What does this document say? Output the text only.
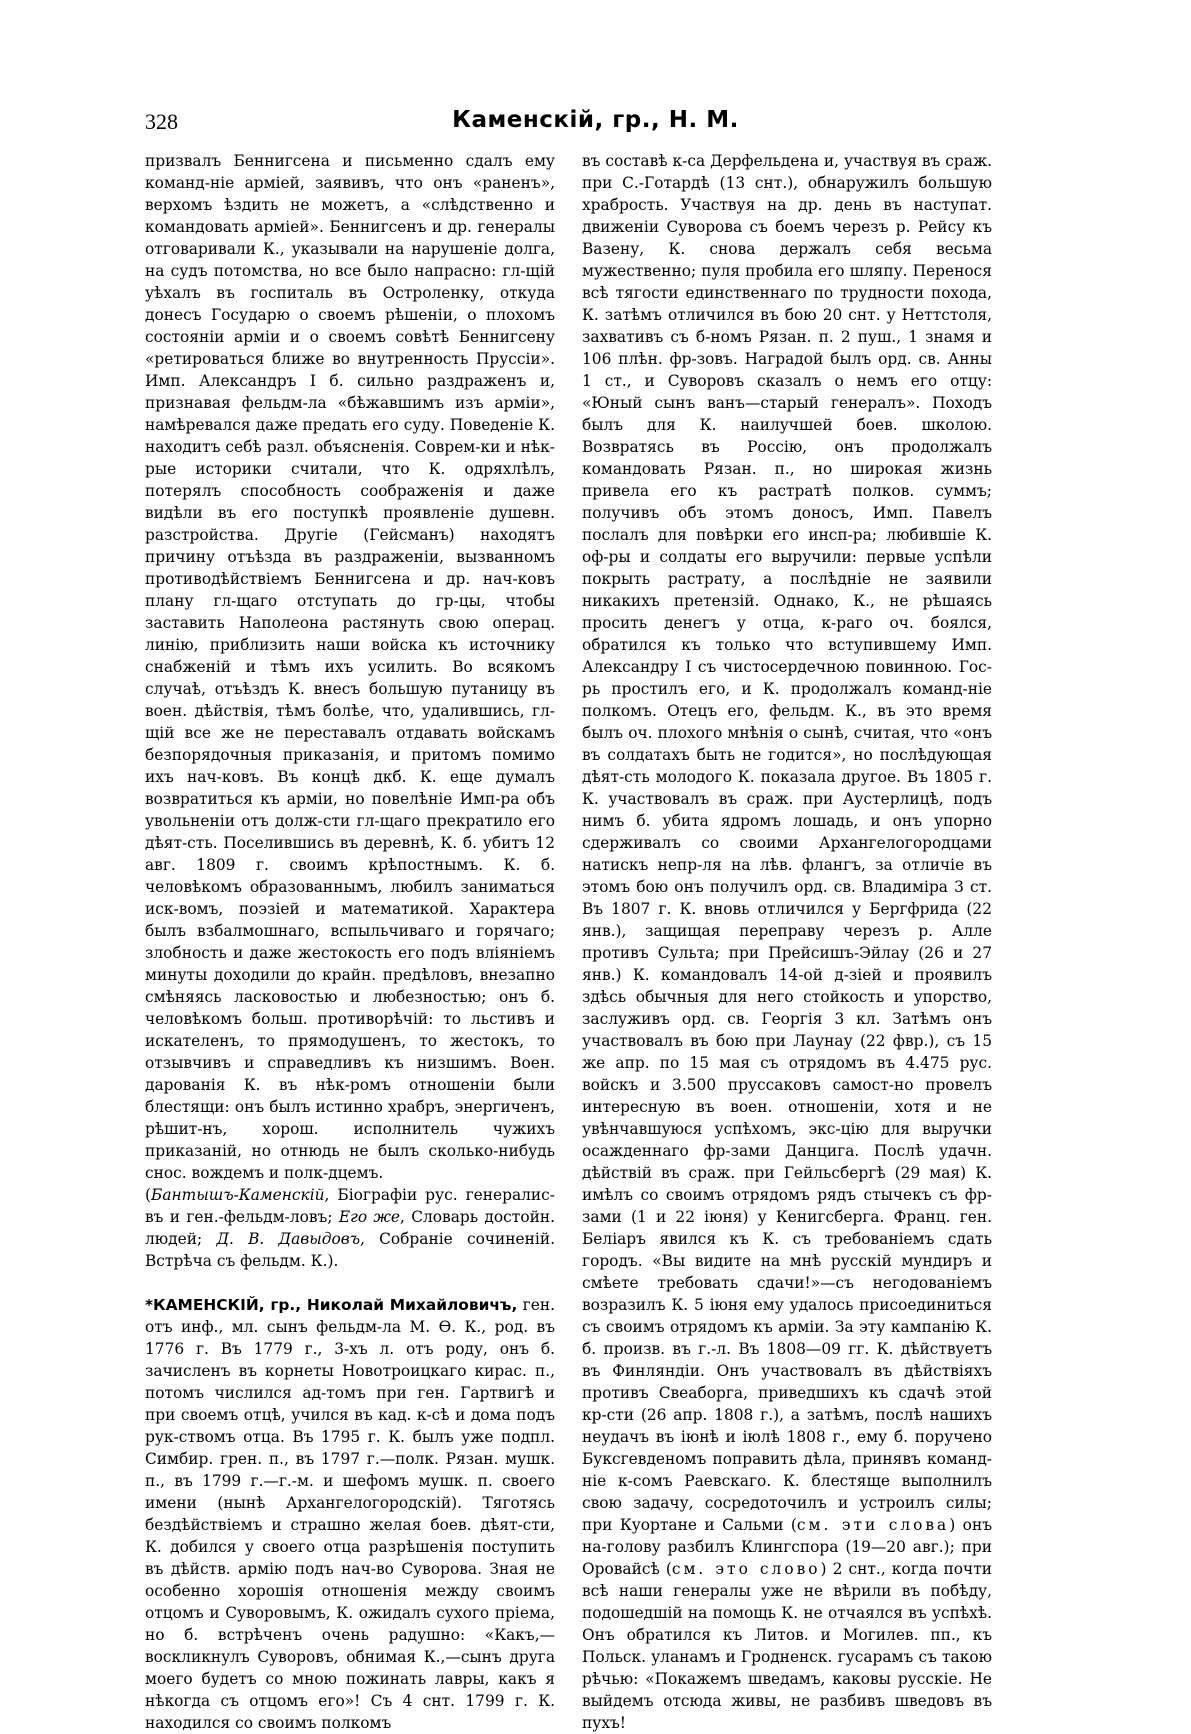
328	Каменскій, гр., Н. М.

призвалъ Беннигсена и письменно сдалъ ему команд-ніе арміей, заявивъ, что онъ «раненъ», верхомъ ѣздить не можетъ, а «слѣдственно и командовать арміей». Беннигсенъ и др. генералы отговаривали К., указывали на нарушеніе долга, на судъ потомства, но все было напрасно: гл-щій уѣхалъ въ госпиталь въ Остроленку, откуда донесъ Государю о своемъ рѣшеніи, о плохомъ состояніи арміи и о своемъ совѣтѣ Беннигсену «ретироваться ближе во внутренность Пруссіи». Имп. Александръ I б. сильно раздраженъ и, признавая фельдм-ла «бѣжавшимъ изъ арміи», намѣревался даже предать его суду. Поведеніе К. находитъ себѣ разл. объясненія. Соврем-ки и нѣк-рые историки считали, что К. одряхлѣлъ, потерялъ способность соображенія и даже видѣли въ его поступкѣ проявленіе душевн. разстройства. Другіе (Гейсманъ) находятъ причину отъѣзда въ раздраженіи, вызванномъ противодѣйствіемъ Беннигсена и др. нач-ковъ плану гл-щаго отступать до гр-цы, чтобы заставить Наполеона растянуть свою операц. линію, приблизить наши войска къ источнику снабженій и тѣмъ ихъ усилить. Во всякомъ случаѣ, отъѣздъ К. внесъ большую путаницу въ воен. дѣйствія, тѣмъ болѣе, что, удалившись, гл-щій все же не переставалъ отдавать войскамъ безпорядочныя приказанія, и притомъ помимо ихъ нач-ковъ. Въ концѣ дкб. К. еще думалъ возвратиться къ арміи, но повелѣніе Имп-ра объ увольненіи отъ долж-сти гл-щаго прекратило его дѣят-сть. Поселившись въ деревнѣ, К. б. убитъ 12 авг. 1809 г. своимъ крѣпостнымъ. К. б. человѣкомъ образованнымъ, любилъ заниматься иск-вомъ, поэзіей и математикой. Характера былъ взбалмошнаго, вспыльчиваго и горячаго; злобность и даже жестокость его подъ вліяніемъ минуты доходили до крайн. предѣловъ, внезапно смѣняясь ласковостью и любезностью; онъ б. человѣкомъ больш. противорѣчій: то льстивъ и искaтеленъ, то прямодушенъ, то жестокъ, то отзывчивъ и справедливъ къ низшимъ. Воен. дарованія К. въ нѣк-ромъ отношеніи были блестящи: онъ былъ истинно храбръ, энергиченъ, рѣшит-нъ, хорош. исполнитель чужихъ приказаній, но отнюдь не былъ сколько-нибудь снос. вождемъ и полк-дцемъ.

(Бантышъ-Каменскій, Біографіи рус. генералис-въ и ген.-фельдм-ловъ; Его же, Словарь достойн. людей; Д. В. Давыдовъ, Собраніе сочиненій. Встрѣча съ фельдм. К.).

*КАМЕНСКІЙ, гр., Николай Михайловичъ, ген. отъ инф., мл. сынъ фельдм-ла М. Ѳ. К., род. въ 1776 г. Въ 1779 г., 3-хъ л. отъ роду, онъ б. зачисленъ въ корнеты Новотроицкаго кирас. п., потомъ числился ад-томъ при ген. Гартвигѣ и при своемъ отцѣ, учился въ кад. к-сѣ и дома подъ рук-ствомъ отца. Въ 1795 г. К. былъ уже подпл. Симбир. грен. п., въ 1797 г.—полк. Рязан. мушк. п., въ 1799 г.—г.-м. и шефомъ мушк. п. своего имени (нынѣ Архангелогородскій). Тяготясь бездѣйствіемъ и страшно желая боев. дѣят-сти, К. добился у своего отца разрѣшенія поступить въ дѣйств. армію подъ нач-во Суворова. Зная не особенно хорошія отношенія между своимъ отцомъ и Суворовымъ, К. ожидалъ сухого пріема, но б. встрѣченъ очень радушно: «Какъ,—воскликнулъ Суворовъ, обнимая К.,—сынъ друга моего будетъ со мною пожинать лавры, какъ я нѣкогда съ отцомъ его»! Съ 4 снт. 1799 г. К. находился со своимъ полкомъ

въ составѣ к-са Дерфельдена и, участвуя въ сраж. при С.-Готардѣ (13 снт.), обнаружилъ большую храбрость. Участвуя на др. день въ наступат. движеніи Суворова съ боемъ черезъ р. Рейсу къ Вазену, К. снова держалъ себя весьма мужественно; пуля пробила его шляпу. Перенося всѣ тягости единственнаго по трудности похода, К. затѣмъ отличился въ бою 20 снт. у Неттстоля, захвативъ съ б-номъ Рязан. п. 2 пуш., 1 знамя и 106 плѣн. фр-зовъ. Наградой былъ орд. св. Анны 1 ст., и Суворовъ сказалъ о немъ его отцу: «Юный сынъ ванъ—старый генералъ». Походъ былъ для К. наилучшей боев. школою. Возвратясь въ Россію, онъ продолжалъ командовать Рязан. п., но широкая жизнь привела его къ растратѣ полков. суммъ; получивъ объ этомъ доносъ, Имп. Павелъ послалъ для повѣрки его инсп-ра; любившіе К. оф-ры и солдаты его выручили: первые успѣли покрыть растрату, а послѣдніе не заявили никакихъ претензій. Однако, К., не рѣшаясь просить денегъ у отца, к-раго оч. боялся, обратился къ только что вступившему Имп. Александру I съ чистосердечною повинною. Гос-рь простилъ его, и К. продолжалъ команд-ніе полкомъ. Отецъ его, фельдм. К., въ это время былъ оч. плохого мнѣнія о сынѣ, считая, что «онъ въ солдатахъ быть не годится», но послѣдующая дѣят-сть молодого К. показала другое. Въ 1805 г. К. участвовалъ въ сраж. при Аустерлицѣ, подъ нимъ б. убита ядромъ лошадь, и онъ упорно сдерживалъ со своими Архангелогородцами натискъ непр-ля на лѣв. флангъ, за отличіе въ этомъ бою онъ получилъ орд. св. Владиміра 3 ст. Въ 1807 г. К. вновь отличился у Бергфрида (22 янв.), защищая переправу черезъ р. Алле противъ Сульта; при Прейсишъ-Эйлау (26 и 27 янв.) К. командовалъ 14-ой д-зіей и проявилъ здѣсь обычныя для него стойкость и упорство, заслуживъ орд. св. Георгія 3 кл. Затѣмъ онъ участвовалъ въ бою при Лаунау (22 фвр.), съ 15 же апр. по 15 мая съ отрядомъ въ 4.475 рус. войскъ и 3.500 пруссаковъ самост-но провелъ интересную въ воен. отношеніи, хотя и не увѣнчавшуюся успѣхомъ, экс-цію для выручки осажденнаго фр-зами Данцига. Послѣ удачн. дѣйствій въ сраж. при Гейльсбергѣ (29 мая) К. имѣлъ со своимъ отрядомъ рядъ стычекъ съ фр-зами (1 и 22 іюня) у Кенигсберга. Франц. ген. Беліаръ явился къ К. съ требованіемъ сдать городъ. «Вы видите на мнѣ русскій мундиръ и смѣете требовать сдачи!»—съ негодованіемъ возразилъ К. 5 іюня ему удалось присоединиться съ своимъ отрядомъ къ арміи. За эту кампанію К. б. произв. въ г.-л. Въ 1808—09 гг. К. дѣйствуетъ въ Финляндіи. Онъ участвовалъ въ дѣйствіяхъ противъ Свеаборга, приведшихъ къ сдачѣ этой кр-сти (26 апр. 1808 г.), а затѣмъ, послѣ нашихъ неудачъ въ іюнѣ и іюлѣ 1808 г., ему б. поручено Буксгевденомъ поправить дѣла, принявъ команд-ніе к-сомъ Раевскаго. К. блестяще выполнилъ свою задачу, сосредоточилъ и устроилъ силы; при Куортане и Сальми (см. эти слова) онъ на-голову разбилъ Клингспора (19—20 авг.); при Оровайсѣ (см. это слово) 2 снт., когда почти всѣ наши генералы уже не вѣрили въ побѣду, подошедшій на помощь К. не отчаялся въ успѣхѣ. Онъ обратился къ Литов. и Могилев. пп., къ Польск. уланамъ и Гродненск. гусарамъ съ такою рѣчью: «Покажемъ шведамъ, каковы русскіе. Не выйдемъ отсюда живы, не разбивъ шведовъ въ пухъ!
